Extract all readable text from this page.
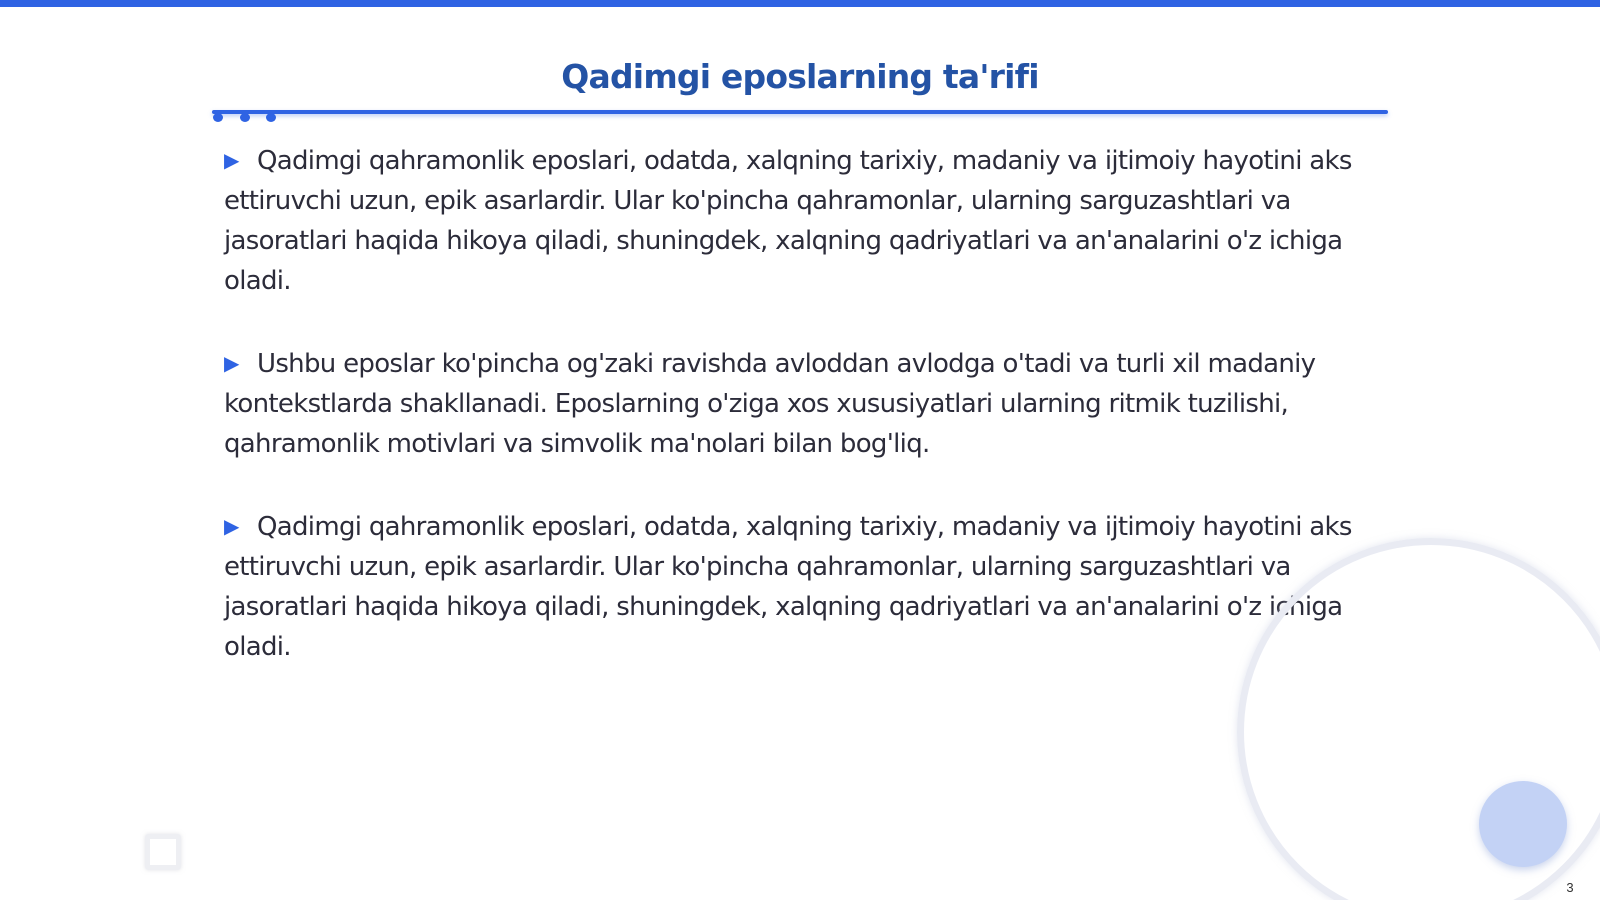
Qadimgi eposlarning ta'rifi
▶ Qadimgi qahramonlik eposlari, odatda, xalqning tarixiy, madaniy va ijtimoiy hayotini aks ettiruvchi uzun, epik asarlardir. Ular ko'pincha qahramonlar, ularning sarguzashtlari va jasoratlari haqida hikoya qiladi, shuningdek, xalqning qadriyatlari va an'analarini o'z ichiga oladi.
▶ Ushbu eposlar ko'pincha og'zaki ravishda avloddan avlodga o'tadi va turli xil madaniy kontekstlarda shakllanadi. Eposlarning o'ziga xos xususiyatlari ularning ritmik tuzilishi, qahramonlik motivlari va simvolik ma'nolari bilan bog'liq.
▶ Qadimgi qahramonlik eposlari, odatda, xalqning tarixiy, madaniy va ijtimoiy hayotini aks ettiruvchi uzun, epik asarlardir. Ular ko'pincha qahramonlar, ularning sarguzashtlari va jasoratlari haqida hikoya qiladi, shuningdek, xalqning qadriyatlari va an'analarini o'z ichiga oladi.
3
